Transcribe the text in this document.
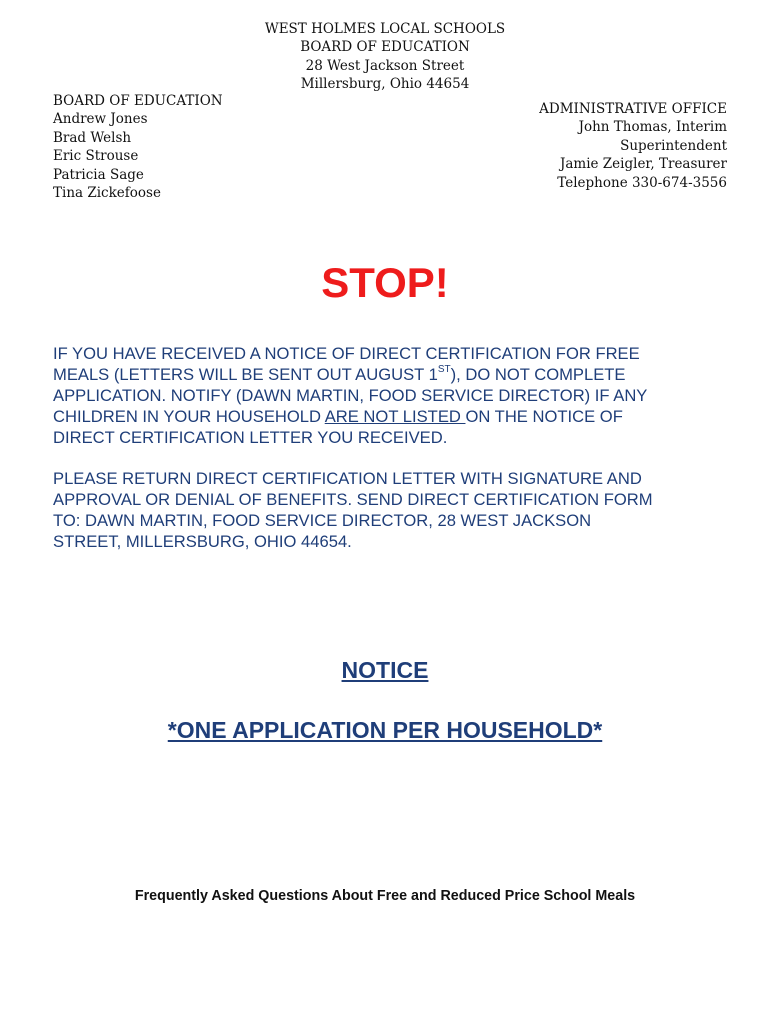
WEST HOLMES LOCAL SCHOOLS
BOARD OF EDUCATION
28 West Jackson Street
Millersburg, Ohio 44654
BOARD OF EDUCATION
Andrew Jones
Brad Welsh
Eric Strouse
Patricia Sage
Tina Zickefoose
ADMINISTRATIVE OFFICE
John Thomas, Interim
Superintendent
Jamie Zeigler, Treasurer
Telephone 330-674-3556
STOP!
IF YOU HAVE RECEIVED A NOTICE OF DIRECT CERTIFICATION FOR FREE
MEALS (LETTERS WILL BE SENT OUT AUGUST 1ST), DO NOT COMPLETE
APPLICATION. NOTIFY (DAWN MARTIN, FOOD SERVICE DIRECTOR) IF ANY
CHILDREN IN YOUR HOUSEHOLD ARE NOT LISTED ON THE NOTICE OF
DIRECT CERTIFICATION LETTER YOU RECEIVED.
PLEASE RETURN DIRECT CERTIFICATION LETTER WITH SIGNATURE AND
APPROVAL OR DENIAL OF BENEFITS. SEND DIRECT CERTIFICATION FORM
TO: DAWN MARTIN, FOOD SERVICE DIRECTOR, 28 WEST JACKSON
STREET, MILLERSBURG, OHIO 44654.
NOTICE
*ONE APPLICATION PER HOUSEHOLD*
Frequently Asked Questions About Free and Reduced Price School Meals
